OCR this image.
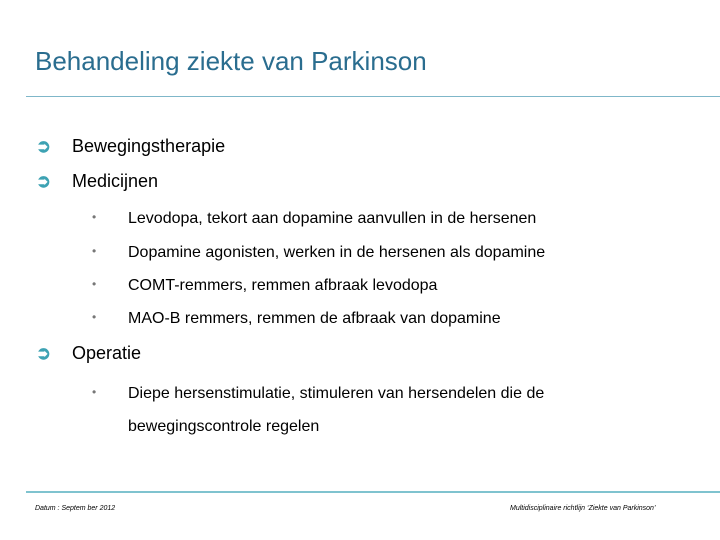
Behandeling ziekte van Parkinson
➲ Bewegingstherapie
➲ Medicijnen
• Levodopa, tekort aan dopamine aanvullen in de hersenen
• Dopamine agonisten, werken in de hersenen als dopamine
• COMT-remmers, remmen afbraak levodopa
• MAO-B remmers, remmen de afbraak van dopamine
➲ Operatie
• Diepe hersenstimulatie, stimuleren van hersendelen die de
bewegingscontrole regelen
Datum : Septem ber 2012	Multidisciplinaire richtlijn ‘Ziekte van Parkinson’
